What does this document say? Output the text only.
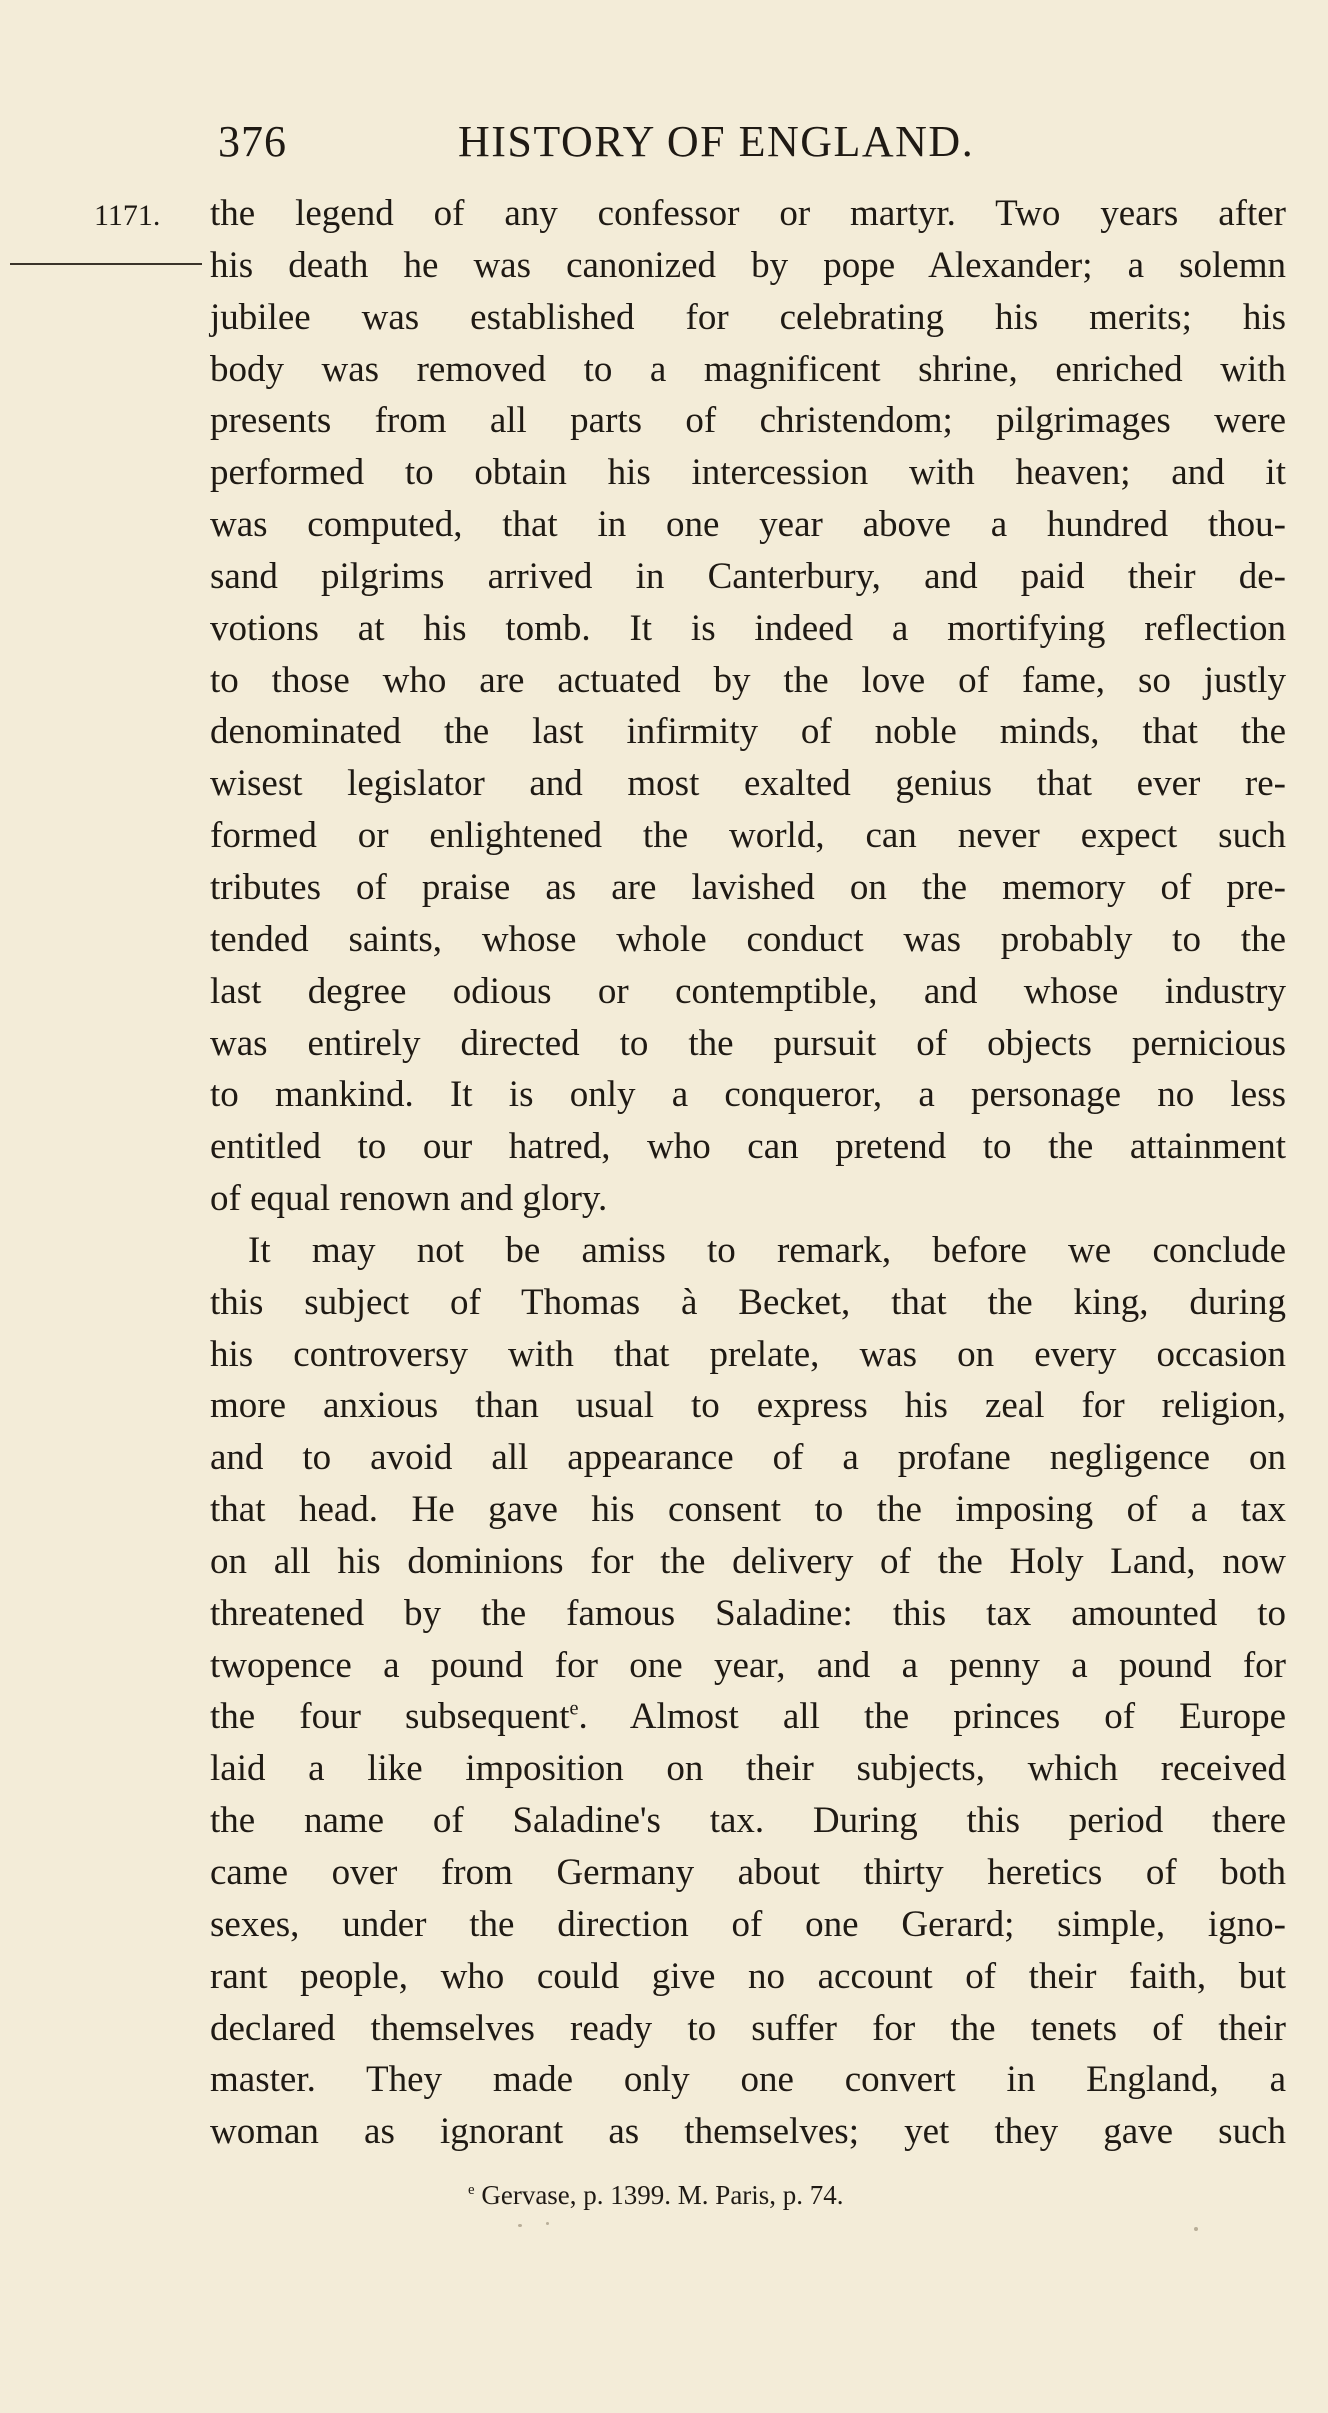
376	HISTORY OF ENGLAND.
1171. the legend of any confessor or martyr. Two years after
his death he was canonized by pope Alexander; a solemn
jubilee was established for celebrating his merits; his
body was removed to a magnificent shrine, enriched with
presents from all parts of christendom; pilgrimages were
performed to obtain his intercession with heaven; and it
was computed, that in one year above a hundred thou-
sand pilgrims arrived in Canterbury, and paid their de-
votions at his tomb. It is indeed a mortifying reflection
to those who are actuated by the love of fame, so justly
denominated the last infirmity of noble minds, that the
wisest legislator and most exalted genius that ever re-
formed or enlightened the world, can never expect such
tributes of praise as are lavished on the memory of pre-
tended saints, whose whole conduct was probably to the
last degree odious or contemptible, and whose industry
was entirely directed to the pursuit of objects pernicious
to mankind. It is only a conqueror, a personage no less
entitled to our hatred, who can pretend to the attainment
of equal renown and glory.
It may not be amiss to remark, before we conclude
this subject of Thomas à Becket, that the king, during
his controversy with that prelate, was on every occasion
more anxious than usual to express his zeal for religion,
and to avoid all appearance of a profane negligence on
that head. He gave his consent to the imposing of a tax
on all his dominions for the delivery of the Holy Land, now
threatened by the famous Saladine: this tax amounted to
twopence a pound for one year, and a penny a pound for
the four subsequent$^e$. Almost all the princes of Europe
laid a like imposition on their subjects, which received
the name of Saladine's tax. During this period there
came over from Germany about thirty heretics of both
sexes, under the direction of one Gerard; simple, igno-
rant people, who could give no account of their faith, but
declared themselves ready to suffer for the tenets of their
master. They made only one convert in England, a
woman as ignorant as themselves; yet they gave such
$^e$ Gervase, p. 1399. M. Paris, p. 74.
